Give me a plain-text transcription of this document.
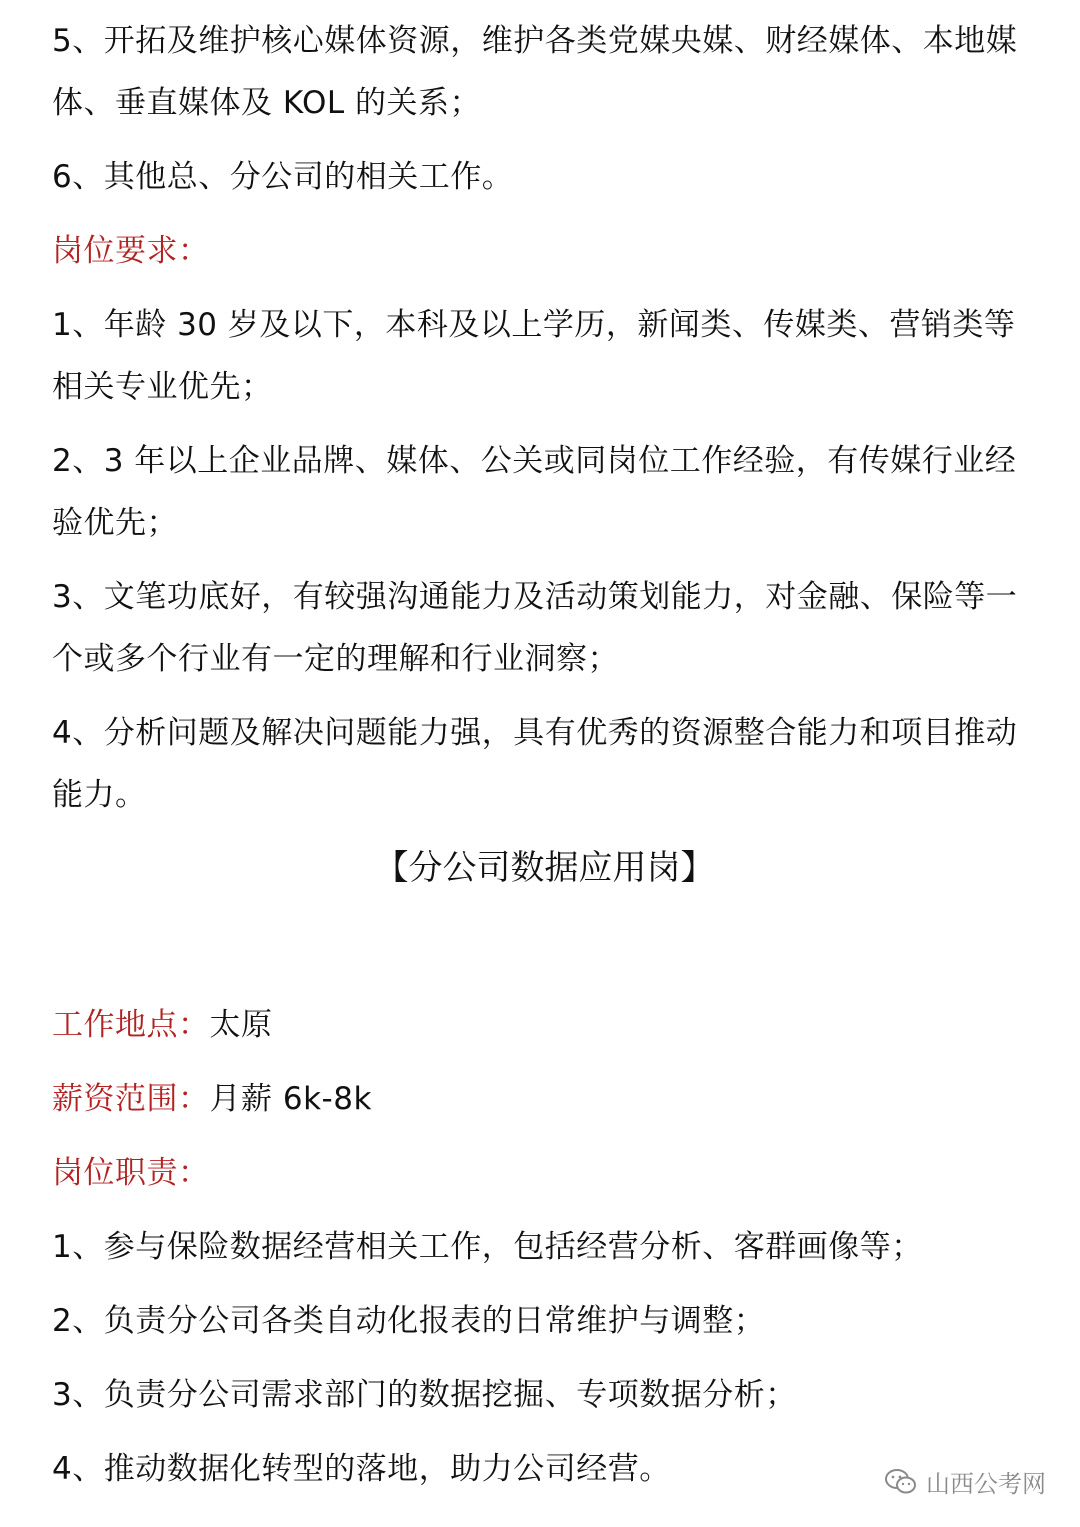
5、开拓及维护核心媒体资源，维护各类党媒央媒、财经媒体、本地媒体、垂直媒体及 KOL 的关系；

6、其他总、分公司的相关工作。

岗位要求：

1、年龄 30 岁及以下，本科及以上学历，新闻类、传媒类、营销类等相关专业优先；

2、3 年以上企业品牌、媒体、公关或同岗位工作经验，有传媒行业经验优先；

3、文笔功底好，有较强沟通能力及活动策划能力，对金融、保险等一个或多个行业有一定的理解和行业洞察；

4、分析问题及解决问题能力强，具有优秀的资源整合能力和项目推动能力。

【分公司数据应用岗】

工作地点：太原

薪资范围：月薪 6k-8k

岗位职责：

1、参与保险数据经营相关工作，包括经营分析、客群画像等；

2、负责分公司各类自动化报表的日常维护与调整；

3、负责分公司需求部门的数据挖掘、专项数据分析；

4、推动数据化转型的落地，助力公司经营。	山西公考网
